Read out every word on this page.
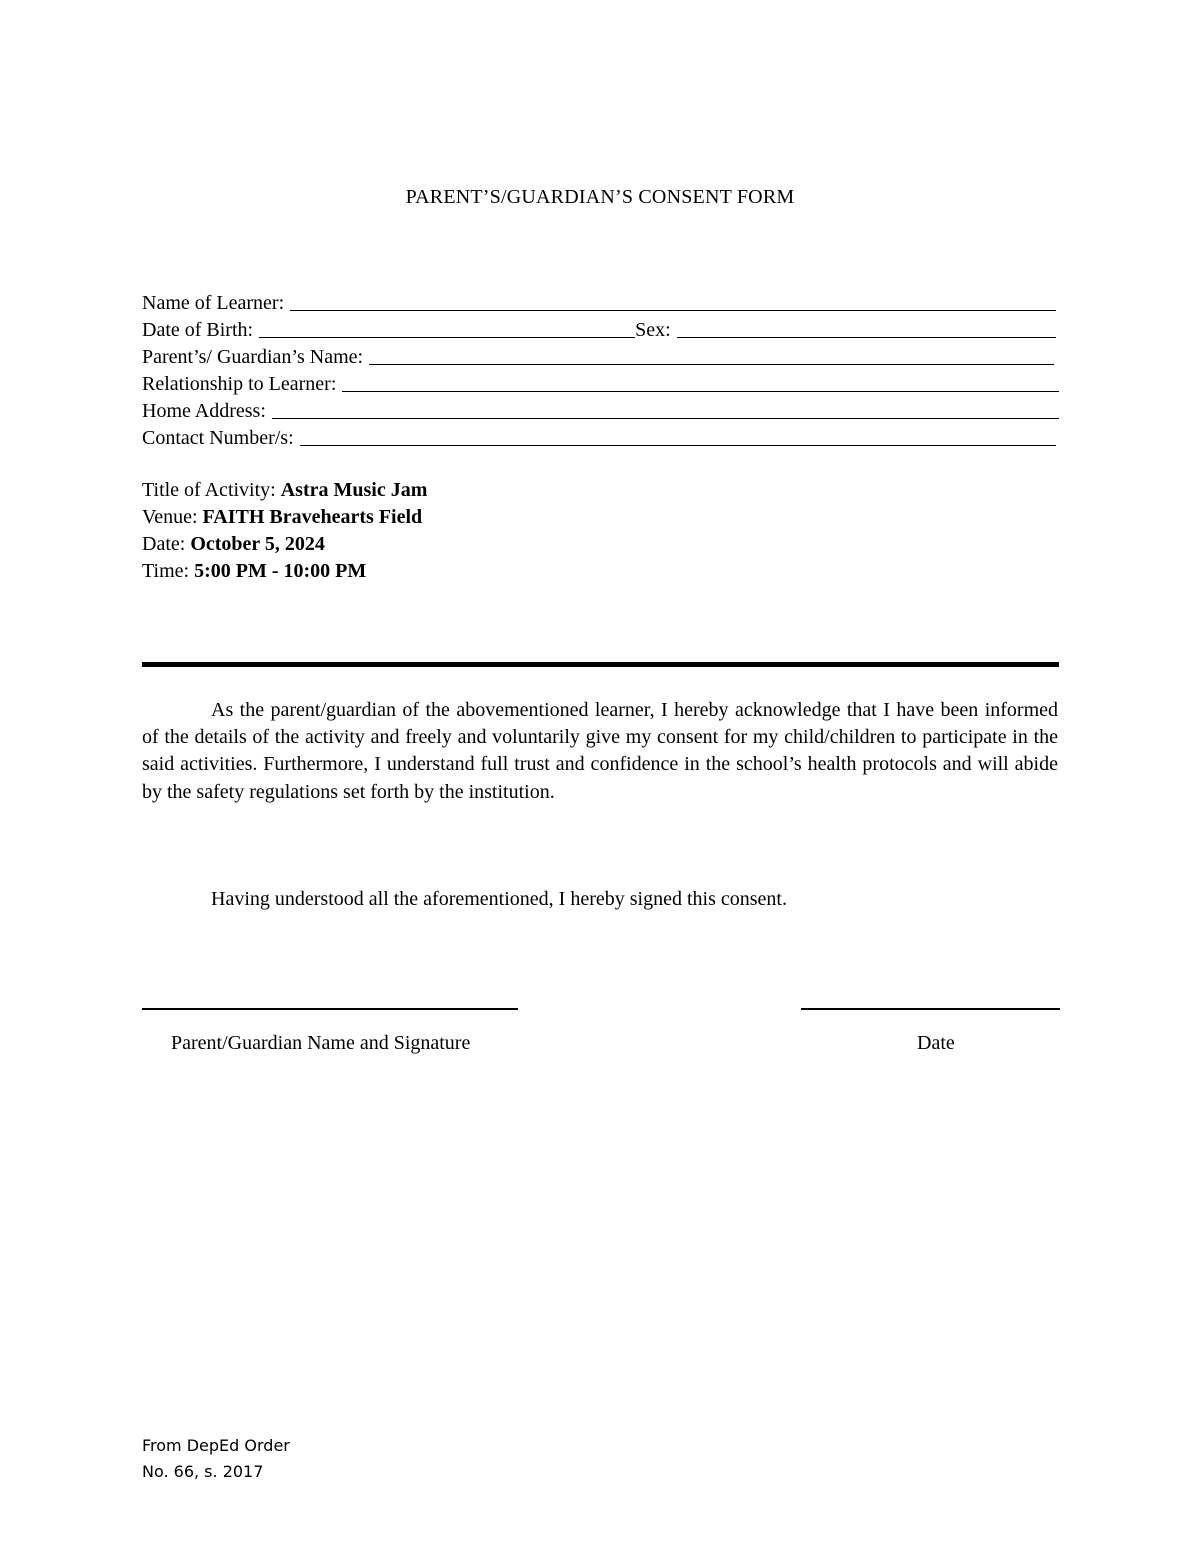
PARENT’S/GUARDIAN’S CONSENT FORM
Name of Learner:
Date of Birth:	Sex:
Parent’s/ Guardian’s Name:
Relationship to Learner:
Home Address:
Contact Number/s:
Title of Activity: Astra Music Jam
Venue: FAITH Bravehearts Field
Date: October 5, 2024
Time: 5:00 PM - 10:00 PM
As the parent/guardian of the abovementioned learner, I hereby acknowledge that I have been informed of the details of the activity and freely and voluntarily give my consent for my child/children to participate in the said activities. Furthermore, I understand full trust and confidence in the school’s health protocols and will abide by the safety regulations set forth by the institution.
Having understood all the aforementioned, I hereby signed this consent.
Parent/Guardian Name and Signature	Date
From DepEd Order
No. 66, s. 2017
